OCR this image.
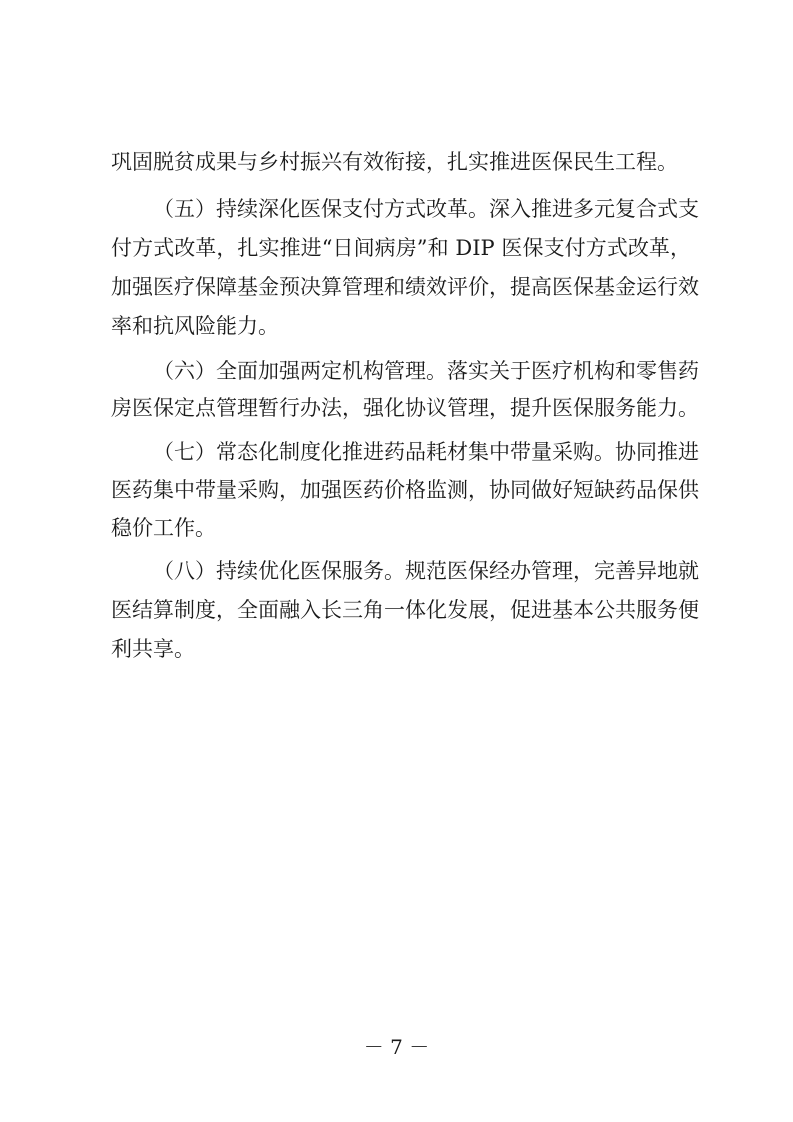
巩固脱贫成果与乡村振兴有效衔接，扎实推进医保民生工程。
（五）持续深化医保支付方式改革。深入推进多元复合式支
付方式改革，扎实推进“日间病房”和 DIP 医保支付方式改革，
加强医疗保障基金预决算管理和绩效评价，提高医保基金运行效
率和抗风险能力。
（六）全面加强两定机构管理。落实关于医疗机构和零售药
房医保定点管理暂行办法，强化协议管理，提升医保服务能力。
（七）常态化制度化推进药品耗材集中带量采购。协同推进
医药集中带量采购，加强医药价格监测，协同做好短缺药品保供
稳价工作。
（八）持续优化医保服务。规范医保经办管理，完善异地就
医结算制度，全面融入长三角一体化发展，促进基本公共服务便
利共享。
－ 7 －
